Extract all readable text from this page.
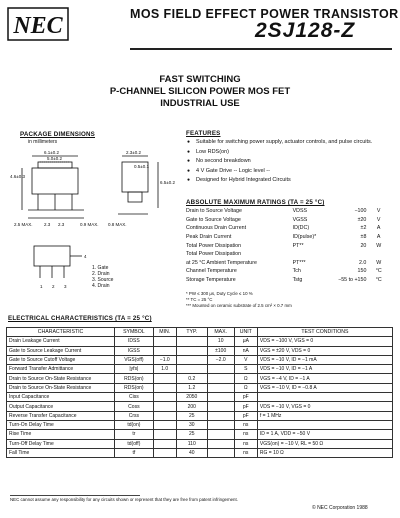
NEC	MOS FIELD EFFECT POWER TRANSISTOR
2SJ128-Z
FAST SWITCHING
P-CHANNEL SILICON POWER MOS FET
INDUSTRIAL USE
PACKAGE DIMENSIONS
in millimeters
6.1±0.2
5.0±0.2
2.3±0.2
0.5±0.1
4.6±0.3
6.5±0.2
2.5 MAX.	2.3 2.3	0.9 MAX. 0.8 MAX.
1 2 3
4
1. Gate
2. Drain
3. Source
4. Drain
FEATURES
● Suitable for switching power supply, actuator controls, and pulse circuits.
● Low RDS(on)
● No second breakdown
● 4 V Gate Drive -- Logic level --
● Designed for Hybrid Integrated Circuits
ABSOLUTE MAXIMUM RATINGS (TA = 25 °C)
Drain to Source Voltage	VDSS	−100	V
Gate to Source Voltage	VGSS	±20	V
Continuous Drain Current	ID(DC)	±2	A
Peak Drain Current	ID(pulse)*	±8	A
Total Power Dissipation	PT**	20	W
Total Power Dissipation			
at 25 °C Ambient Temperature	PT***	2.0	W
Channel Temperature	Tch	150	°C
Storage Temperature	Tstg	−55 to +150	°C
* PW ≤ 300 μs, Duty Cycle ≤ 10 %
** TC = 25 °C
*** Mounted on ceramic substrate of 2.5 cm² × 0.7 mm
ELECTRICAL CHARACTERISTICS (TA = 25 °C)
CHARACTERISTIC	SYMBOL	MIN.	TYP.	MAX.	UNIT	TEST CONDITIONS
Drain Leakage Current	IDSS			10	μA	VDS = −100 V, VGS = 0
Gate to Source Leakage Current	IGSS			±100	nA	VGS = ±20 V, VDS = 0
Gate to Source Cutoff Voltage	VGS(off)	−1.0		−2.0	V	VDS = −10 V, ID = −1 mA
Forward Transfer Admittance	|yfs|	1.0			S	VDS = −10 V, ID = −1 A
Drain to Source On-State Resistance	RDS(on)		0.2		Ω	VGS = −4 V, ID = −1 A
Drain to Source On-State Resistance	RDS(on)		1.2		Ω	VGS = −10 V, ID = −0.8 A
Input Capacitance	Ciss		2050		pF	
Output Capacitance	Coss		200		pF	VDS = −10 V, VGS = 0
Reverse Transfer Capacitance	Crss		25		pF	f = 1 MHz
Turn-On Delay Time	td(on)		30		ns	
Rise Time	tr		25		ns	ID = 1 A, VDD = −50 V
Turn-Off Delay Time	td(off)		110		ns	VGS(on) = −10 V, RL = 50 Ω
Fall Time	tf		40		ns	RG = 10 Ω
NEC cannot assume any responsibility for any circuits shown or represent that they are free from patent infringement.
© NEC Corporation 1988
